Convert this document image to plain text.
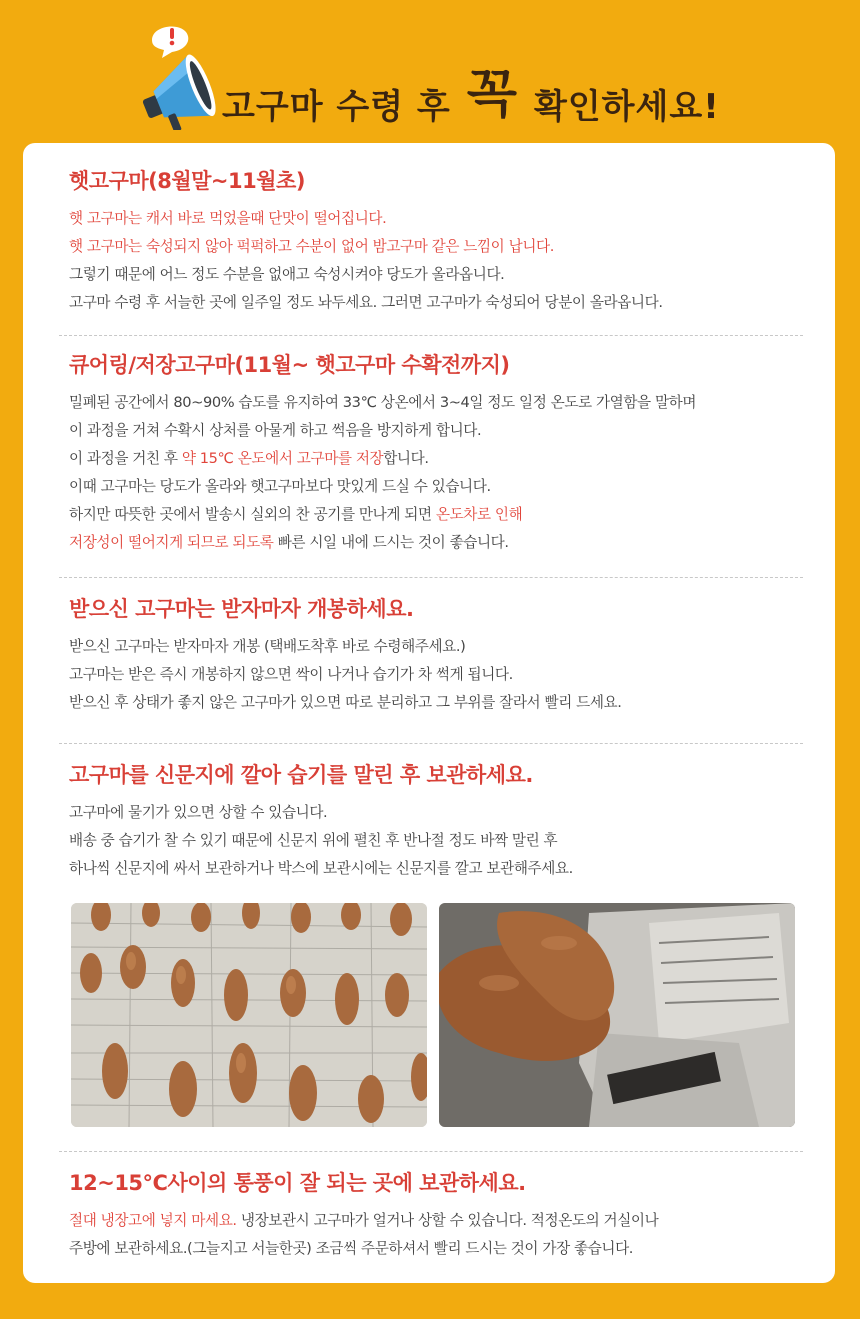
고구마 수령 후 꼭 확인하세요!
햇고구마(8월말~11월초)
햇 고구마는 캐서 바로 먹었을때 단맛이 떨어집니다.
햇 고구마는 숙성되지 않아 퍽퍽하고 수분이 없어 밤고구마 같은 느낌이 납니다.
그렇기 때문에 어느 정도 수분을 없애고 숙성시켜야 당도가 올라옵니다.
고구마 수령 후 서늘한 곳에 일주일 정도 놔두세요. 그러면 고구마가 숙성되어 당분이 올라옵니다.
큐어링/저장고구마(11월~ 햇고구마 수확전까지)
밀폐된 공간에서 80~90% 습도를 유지하여 33℃ 상온에서 3~4일 정도 일정 온도로 가열함을 말하며
이 과정을 거쳐 수확시 상처를 아물게 하고 썩음을 방지하게 합니다.
이 과정을 거친 후 약 15℃ 온도에서 고구마를 저장합니다.
이때 고구마는 당도가 올라와 햇고구마보다 맛있게 드실 수 있습니다.
하지만 따뜻한 곳에서 발송시 실외의 찬 공기를 만나게 되면 온도차로 인해
저장성이 떨어지게 되므로 되도록 빠른 시일 내에 드시는 것이 좋습니다.
받으신 고구마는 받자마자 개봉하세요.
받으신 고구마는 받자마자 개봉 (택배도착후 바로 수령해주세요.)
고구마는 받은 즉시 개봉하지 않으면 싹이 나거나 습기가 차 썩게 됩니다.
받으신 후 상태가 좋지 않은 고구마가 있으면 따로 분리하고 그 부위를 잘라서 빨리 드세요.
고구마를 신문지에 깔아 습기를 말린 후 보관하세요.
고구마에 물기가 있으면 상할 수 있습니다.
배송 중 습기가 찰 수 있기 때문에 신문지 위에 펼친 후 반나절 정도 바짝 말린 후
하나씩 신문지에 싸서 보관하거나 박스에 보관시에는 신문지를 깔고 보관해주세요.
12~15℃사이의 통풍이 잘 되는 곳에 보관하세요.
절대 냉장고에 넣지 마세요. 냉장보관시 고구마가 얼거나 상할 수 있습니다. 적정온도의 거실이나
주방에 보관하세요.(그늘지고 서늘한곳) 조금씩 주문하셔서 빨리 드시는 것이 가장 좋습니다.
